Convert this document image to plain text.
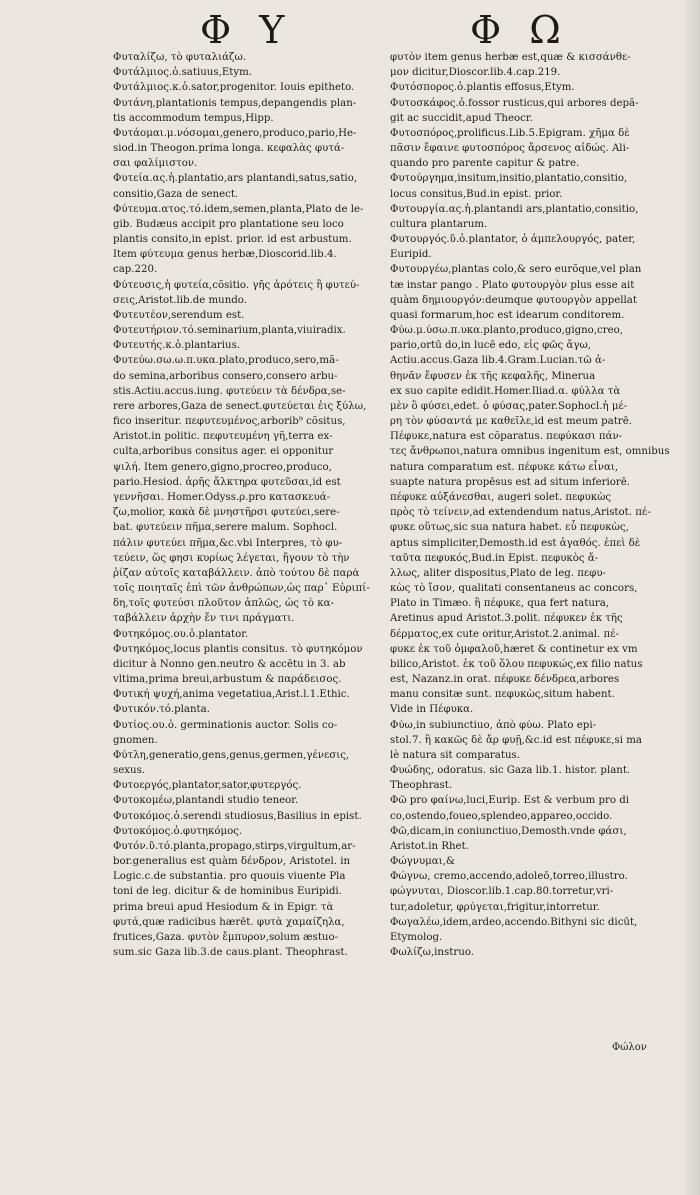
Φ Υ	Φ Ω
Φυταλίζω, τὸ φυταλιάζω.
Φυτάλμιος.ὁ.satiuus,Etym.
Φυτάλμιος.κ.ὁ.sator,progenitor. Iouis epitheto.
Φυτάνη,plantationis tempus,depangendis plan-
tis accommodum tempus,Hipp.
Φυτάομαι.μ.νόσομαι,genero,produco,pario,He-
siod.in Theogon.prima longa. κεφαλὰς φυτά-
σαι φαλίμιστον.
Φυτεία.ας.ἡ.plantatio,ars plantandi,satus,satio,
consitio,Gaza de senect.
Φύτευμα.ατος.τό.idem,semen,planta,Plato de le-
gib. Budæus accipit pro plantatione seu loco
plantis consito,in epist. prior. id est arbustum.
Item φύτευμα genus herbæ,Dioscorid.lib.4.
cap.220.
Φύτευσις,ἡ φυτεία,cõsitio. γῆς ἀρότεις ἢ φυτεύ-
σεις,Aristot.lib.de mundo.
Φυτευτέον,serendum est.
Φυτευτήριον.τό.seminarium,planta,viuiradix.
Φυτευτής.κ.ὁ.plantarius.
Φυτεύω.σω.ω.π.υκα.plato,produco,sero,mã-
do semina,arboribus consero,consero arbu-
stis.Actiu.accus.iung. φυτεύειν τὰ δένδρα,se-
rere arbores,Gaza de senect.φυτεύεται ἐις ξύλω,
fico inseritur. πεφυτευμένος,arborib⁹ cõsitus,
Aristot.in politic. πεφυτευμένη γῆ,terra ex-
culta,arboribus consitus ager. ei opponitur
ψιλή. Item genero,gigno,procreo,produco,
pario.Hesiod. ἀρῆς ἄλκτηρα φυτεῦσαι,id est
γεννῆσαι. Homer.Odyss.ρ.pro κατασκευά-
ζω,molior, κακὰ δὲ μνηστῆρσι φυτεύει,sere-
bat. φυτεύειν πῆμα,serere malum. Sophocl.
πάλιν φυτεύει πῆμα,&c.vbi Interpres, τὸ φυ-
τεύειν, ὥς φησι κυρίως λέγεται, ἤγουν τὸ τὴν
ῥίζαν αὐτοῖς καταβάλλειν. ἀπὸ τούτου δὲ παρὰ
τοῖς ποιηταῖς ἐπὶ τῶν ἀνθρώπων,ὡς παρ᾽ Εὐριπί-
δη,τοῖς φυτεύσι πλοῦτον ἀπλῶς, ὡς τὸ κα-
ταβάλλειν ἀρχὴν ἔν τινι πράγματι.
Φυτηκόμος.ου.ὁ.plantator.
Φυτηκόμος,locus plantis consitus. τὸ φυτηκόμον
dicitur à Nonno gen.neutro & accētu in 3. ab
vltima,prima breui,arbustum & παράδεισος.
Φυτική ψυχή,anima vegetatiua,Arist.l.1.Ethic.
Φυτικόν.τό.planta.
Φυτίος.ου.ὁ. germinationis auctor. Solis co-
gnomen.
Φύτλη,generatio,gens,genus,germen,γένεσις,
sexus.
Φυτοεργός,plantator,sator,φυτεργός.
Φυτοκομέω,plantandi studio teneor.
Φυτοκόμος.ὁ.serendi studiosus,Basilius in epist.
Φυτοκόμος.ὁ.φυτηκόμος.
Φυτόν.ῦ.τό.planta,propago,stirps,virgultum,ar-
bor.generalius est quàm δένδρον, Aristotel. in
Logic.c.de substantia. pro quouis viuente Pla
toni de leg. dicitur & de hominibus Euripidi.
prima breui apud Hesiodum & in Epigr. τὰ
φυτά,quæ radicibus hærēt. φυτὰ χαμαίζηλα,
frutices,Gaza. φυτὸν ἔμπυρον,solum æstuo-
sum.sic Gaza lib.3.de caus.plant. Theophrast.
φυτὸν item genus herbæ est,quæ & κισσάνθε-
μον dicitur,Dioscor.lib.4.cap.219.
Φυτόσπορος.ὁ.plantis effosus,Etym.
Φυτοσκάφος.ὁ.fossor rusticus,qui arbores depã-
git ac succidit,apud Theocr.
Φυτοσπόρος,prolificus.Lib.5.Epigram. χῆμα δὲ
πᾶσιν ἔφαινε φυτοσπόρος ἄρσενος αἰδώς. Ali-
quando pro parente capitur & patre.
Φυτούργημα,insitum,insitio,plantatio,consitio,
locus consitus,Bud.in epist. prior.
Φυτουργία.ας.ἡ.plantandi ars,plantatio,consitio,
cultura plantarum.
Φυτουργός.ῦ.ὁ.plantator, ὁ ἀμπελουργός, pater,
Euripid.
Φυτουργέω,plantas colo,& sero eurõque,vel plan
tæ instar pango . Plato φυτουργὸν plus esse ait
quàm δημιουργόν:deumque φυτουργὸν appellat
quasi formarum,hoc est idearum conditorem.
Φύω.μ.ύσω.π.υκα.planto,produco,gigno,creo,
pario,ortū do,in lucē edo, εἰς φῶς ἄγω,
Actiu.accus.Gaza lib.4.Gram.Lucian.τῶ ἀ-
θηνᾶν ἔφυσεν ἐκ τῆς κεφαλῆς, Minerua
ex suo capite edidit.Homer.Iliad.α. φύλλα τὰ
μὲν ὃ φύσει,edet. ὁ φύσας,pater.Sophocl.ἡ μέ-
ρη τὸν φύσαντά με καθεῖλε,id est meum patrē.
Πέφυκε,natura est cõparatus. πεφύκασι πάν-
τες ἄνθρωποι,natura omnibus ingenitum est, omnibus
natura comparatum est. πέφυκε κάτω εἶναι,
suapte natura propēsus est ad situm inferiorē.
πέφυκε αὐξάνεσθαι, augeri solet. πεφυκὼς
πρὸς τὸ τείνειν,ad extendendum natus,Aristot. πέ-
φυκε οὕτως,sic sua natura habet. εὖ πεφυκὼς,
aptus simpliciter,Demosth.id est ἀγαθός. ἐπεὶ δὲ
ταῦτα πεφυκός,Bud.in Epist. πεφυκὸς ἄ-
λλως, aliter dispositus,Plato de leg. πεφυ-
κὼς τὸ ἴσον, qualitati consentaneus ac concors,
Plato in Timæo. ἣ πέφυκε, qua fert natura,
Aretinus apud Aristot.3.polit. πέφυκεν ἐκ τῆς
δέρματος,ex cute oritur,Aristot.2.animal. πέ-
φυκε ἐκ τοῦ ὀμφαλοῦ,hæret & continetur ex vm
bilico,Aristot. ἐκ τοῦ ὅλου πεφυκώς,ex filio natus
est, Nazanz.in orat. πέφυκε δένδρεα,arbores
manu consitæ sunt. πεφυκὼς,situm habent.
Vide in Πέφυκα.
Φύω,in subiunctiuo, ἀπὸ φύω. Plato epi-
stol.7. ἢ κακῶς δὲ ἄρ φυῇ,&c.id est πέφυκε,si ma
lè natura sit comparatus.
Φυώδης, odoratus. sic Gaza lib.1. histor. plant.
Theophrast.
Φῶ pro φαίνω,luci,Eurip. Est & verbum pro di
co,ostendo,foueo,splendeo,appareo,occido.
Φῶ,dicam,in coniunctiuo,Demosth.vnde φάσι,
Aristot.in Rhet.
Φώγνυμαι,&
Φώγνω, cremo,accendo,adoleō,torreo,illustro.
φώγνυται, Dioscor.lib.1.cap.80.torretur,vri-
tur,adoletur, φρύγεται,frigitur,intorretur.
Φωγαλέω,idem,ardeo,accendo.Bithyni sic dicūt,
Etymolog.
Φωλίζω,instruo.
Φώλον
